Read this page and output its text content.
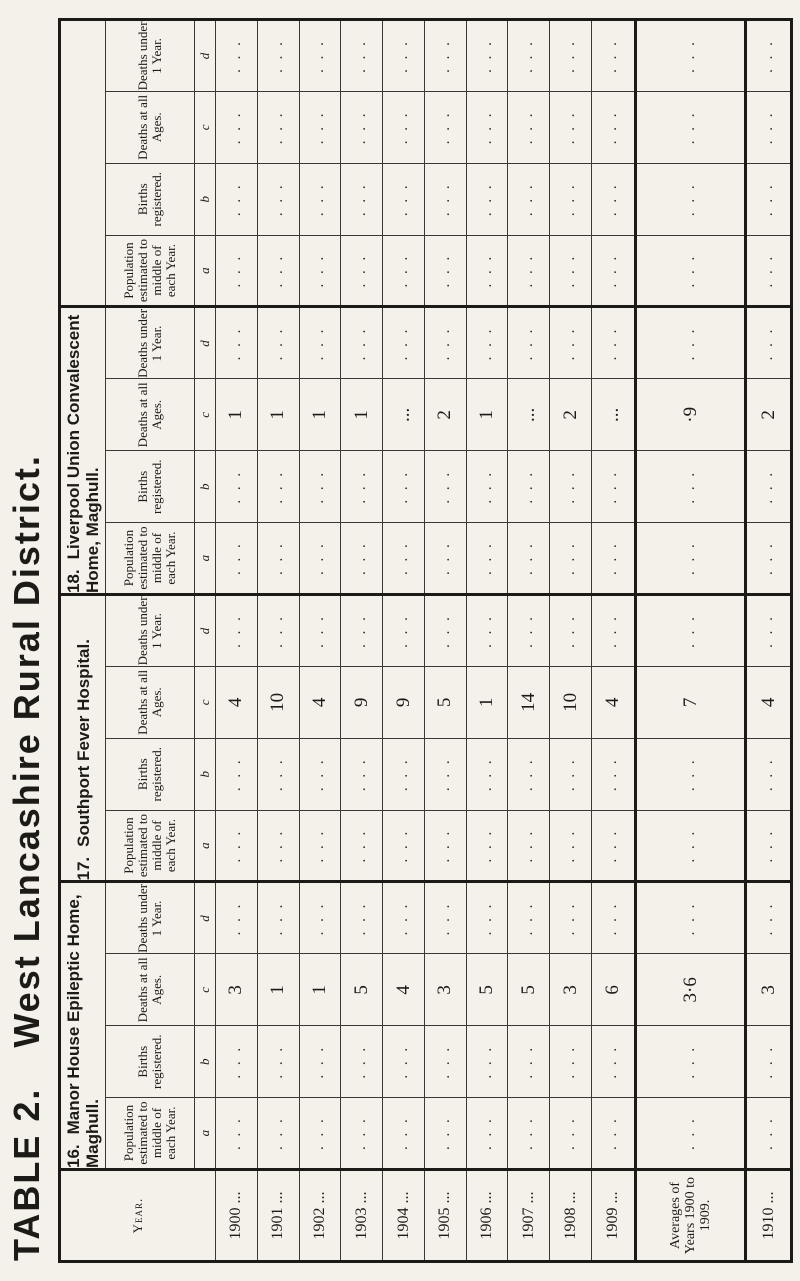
TABLE 2. West Lancashire Rural District.
Year.	16.Manor House Epileptic Home, Maghull.				17.Southport Fever Hospital.				18.Liverpool Union Convalescent Home, Maghull.							
	Population estimated to middle of each Year.	Births registered.	Deaths at all Ages.	Deaths under 1 Year.	Population estimated to middle of each Year.	Births registered.	Deaths at all Ages.	Deaths under 1 Year.	Population estimated to middle of each Year.	Births registered.	Deaths at all Ages.	Deaths under 1 Year.	Population estimated to middle of each Year.	Births registered.	Deaths at all Ages.	Deaths under 1 Year.
	a	b	c	d	a	b	c	d	a	b	c	d	a	b	c	d
1900 ...	. . .	. . .	3	. . .	. . .	. . .	4	. . .	. . .	. . .	1	. . .	. . .	. . .	. . .	. . .
1901 ...	. . .	. . .	1	. . .	. . .	. . .	10	. . .	. . .	. . .	1	. . .	. . .	. . .	. . .	. . .
1902 ...	. . .	. . .	1	. . .	. . .	. . .	4	. . .	. . .	. . .	1	. . .	. . .	. . .	. . .	. . .
1903 ...	. . .	. . .	5	. . .	. . .	. . .	9	. . .	. . .	. . .	1	. . .	. . .	. . .	. . .	. . .
1904 ...	. . .	. . .	4	. . .	. . .	. . .	9	. . .	. . .	. . .	...	. . .	. . .	. . .	. . .	. . .
1905 ...	. . .	. . .	3	. . .	. . .	. . .	5	. . .	. . .	. . .	2	. . .	. . .	. . .	. . .	. . .
1906 ...	. . .	. . .	5	. . .	. . .	. . .	1	. . .	. . .	. . .	1	. . .	. . .	. . .	. . .	. . .
1907 ...	. . .	. . .	5	. . .	. . .	. . .	14	. . .	. . .	. . .	...	. . .	. . .	. . .	. . .	. . .
1908 ...	. . .	. . .	3	. . .	. . .	. . .	10	. . .	. . .	. . .	2	. . .	. . .	. . .	. . .	. . .
1909 ...	. . .	. . .	6	. . .	. . .	. . .	4	. . .	. . .	. . .	...	. . .	. . .	. . .	. . .	. . .
Averages of Years 1900 to 1909.	. . .	. . .	3·6	. . .	. . .	. . .	7	. . .	. . .	. . .	·9	. . .	. . .	. . .	. . .	. . .
1910 ...	. . .	. . .	3	. . .	. . .	. . .	4	. . .	. . .	. . .	2	. . .	. . .	. . .	. . .	. . .
